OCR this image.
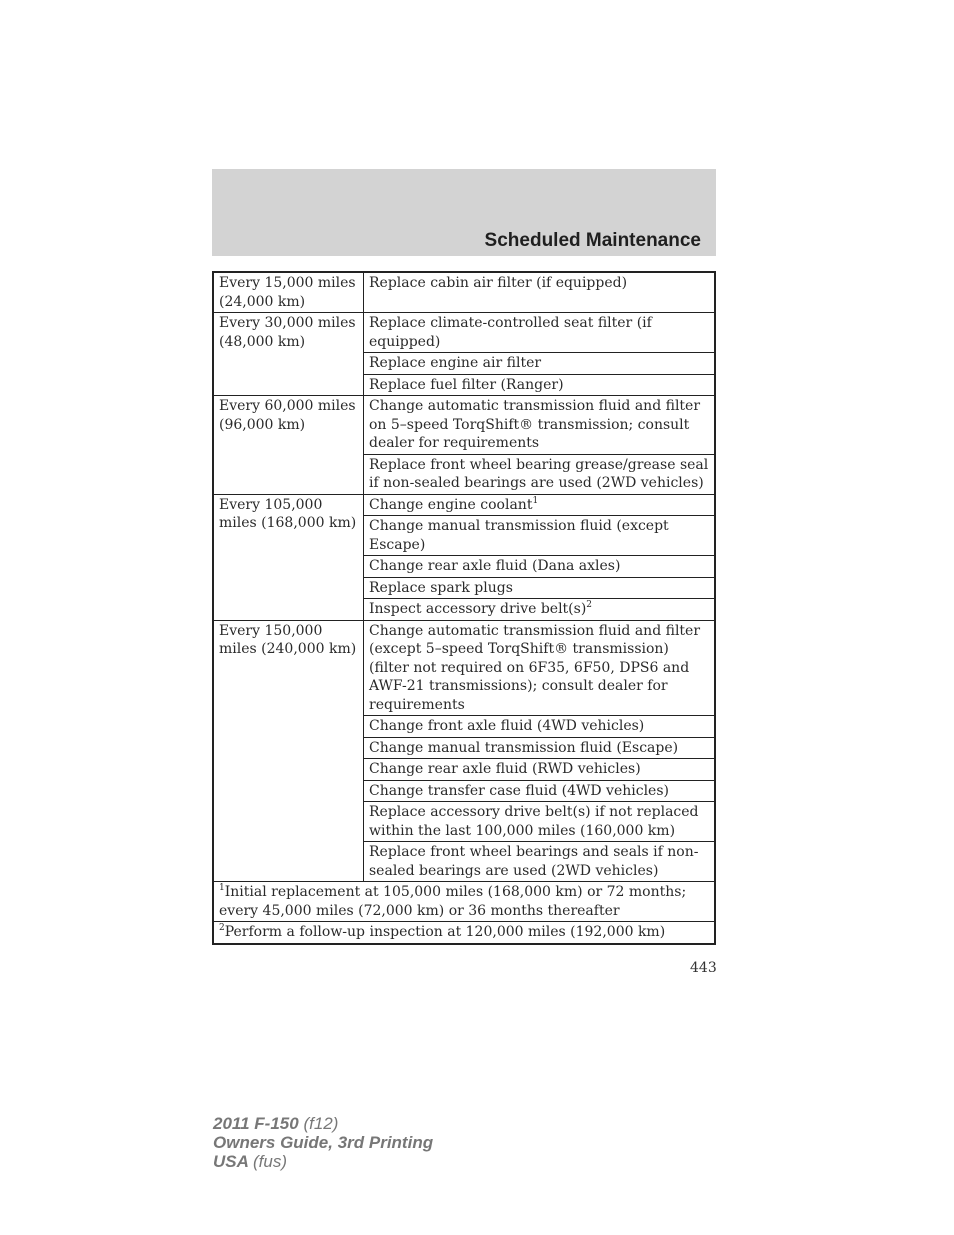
Scheduled Maintenance
Every 15,000 miles (24,000 km)	Replace cabin air filter (if equipped)
Every 30,000 miles (48,000 km)	Replace climate-controlled seat filter (if equipped)
	Replace engine air filter
	Replace fuel filter (Ranger)
Every 60,000 miles (96,000 km)	Change automatic transmission fluid and filter on 5–speed TorqShift® transmission; consult dealer for requirements
	Replace front wheel bearing grease/grease seal if non-sealed bearings are used (2WD vehicles)
Every 105,000 miles (168,000 km)	Change engine coolant$^1$
	Change manual transmission fluid (except Escape)
	Change rear axle fluid (Dana axles)
	Replace spark plugs
	Inspect accessory drive $belt(s)^2$
Every 150,000 miles (240,000 km)	Change automatic transmission fluid and filter (except 5–speed TorqShift® transmission) (filter not required on 6F35, 6F50, DPS6 and AWF-21 transmissions); consult dealer for requirements
	Change front axle fluid (4WD vehicles)
	Change manual transmission fluid (Escape)
	Change rear axle fluid (RWD vehicles)
	Change transfer case fluid (4WD vehicles)
	Replace accessory drive belt(s) if not replaced within the last 100,000 miles (160,000 km)
	Replace front wheel bearings and seals if non-sealed bearings are used (2WD vehicles)
$^1$Initial replacement at 105,000 miles (168,000 km) or 72 months; every 45,000 miles (72,000 km) or 36 months thereafter	
$^2$Perform a follow-up inspection at 120,000 miles (192,000 km)	
443
2011 F-150 (f12)
Owners Guide, 3rd Printing
USA (fus)
